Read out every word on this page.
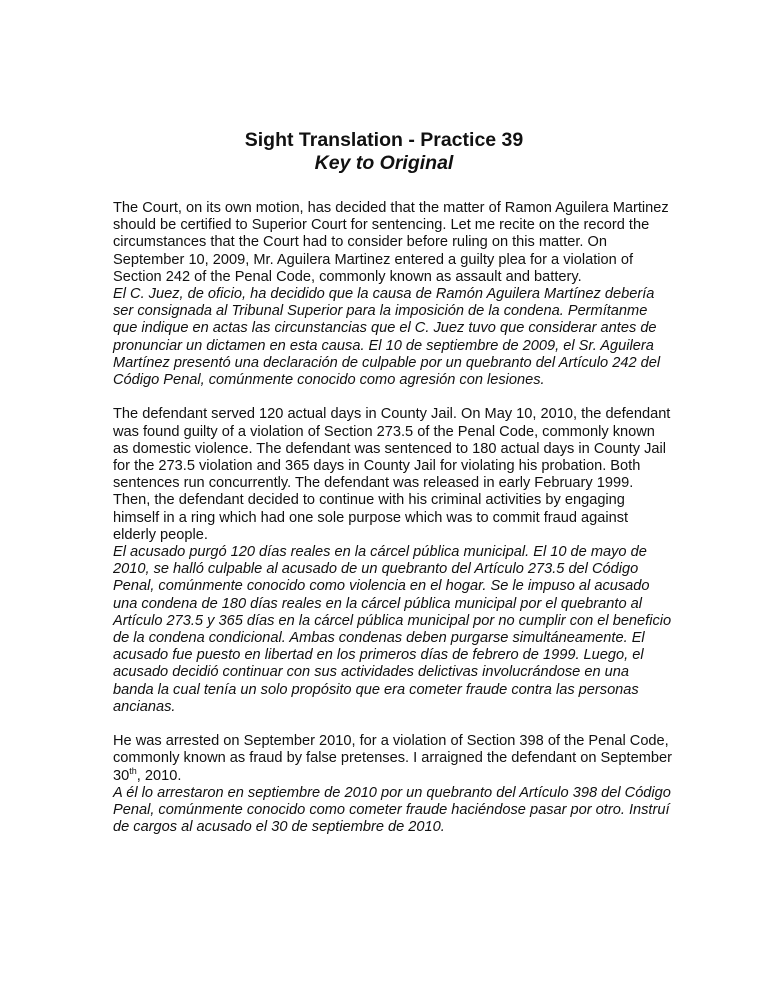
Sight Translation - Practice 39
Key to Original

The Court, on its own motion, has decided that the matter of Ramon Aguilera Martinez should be certified to Superior Court for sentencing. Let me recite on the record the circumstances that the Court had to consider before ruling on this matter. On September 10, 2009, Mr. Aguilera Martinez entered a guilty plea for a violation of Section 242 of the Penal Code, commonly known as assault and battery.

El C. Juez, de oficio, ha decidido que la causa de Ramón Aguilera Martínez debería ser consignada al Tribunal Superior para la imposición de la condena. Permítanme que indique en actas las circunstancias que el C. Juez tuvo que considerar antes de pronunciar un dictamen en esta causa. El 10 de septiembre de 2009, el Sr. Aguilera Martínez presentó una declaración de culpable por un quebranto del Artículo 242 del Código Penal, comúnmente conocido como agresión con lesiones.

The defendant served 120 actual days in County Jail. On May 10, 2010, the defendant was found guilty of a violation of Section 273.5 of the Penal Code, commonly known as domestic violence. The defendant was sentenced to 180 actual days in County Jail for the 273.5 violation and 365 days in County Jail for violating his probation. Both sentences run concurrently. The defendant was released in early February 1999. Then, the defendant decided to continue with his criminal activities by engaging himself in a ring which had one sole purpose which was to commit fraud against elderly people.

El acusado purgó 120 días reales en la cárcel pública municipal. El 10 de mayo de 2010, se halló culpable al acusado de un quebranto del Artículo 273.5 del Código Penal, comúnmente conocido como violencia en el hogar. Se le impuso al acusado una condena de 180 días reales en la cárcel pública municipal por el quebranto al Artículo 273.5 y 365 días en la cárcel pública municipal por no cumplir con el beneficio de la condena condicional. Ambas condenas deben purgarse simultáneamente. El acusado fue puesto en libertad en los primeros días de febrero de 1999. Luego, el acusado decidió continuar con sus actividades delictivas involucrándose en una banda la cual tenía un solo propósito que era cometer fraude contra las personas ancianas.

He was arrested on September 2010, for a violation of Section 398 of the Penal Code, commonly known as fraud by false pretenses. I arraigned the defendant on September 30th, 2010.

A él lo arrestaron en septiembre de 2010 por un quebranto del Artículo 398 del Código Penal, comúnmente conocido como cometer fraude haciéndose pasar por otro. Instruí de cargos al acusado el 30 de septiembre de 2010.
